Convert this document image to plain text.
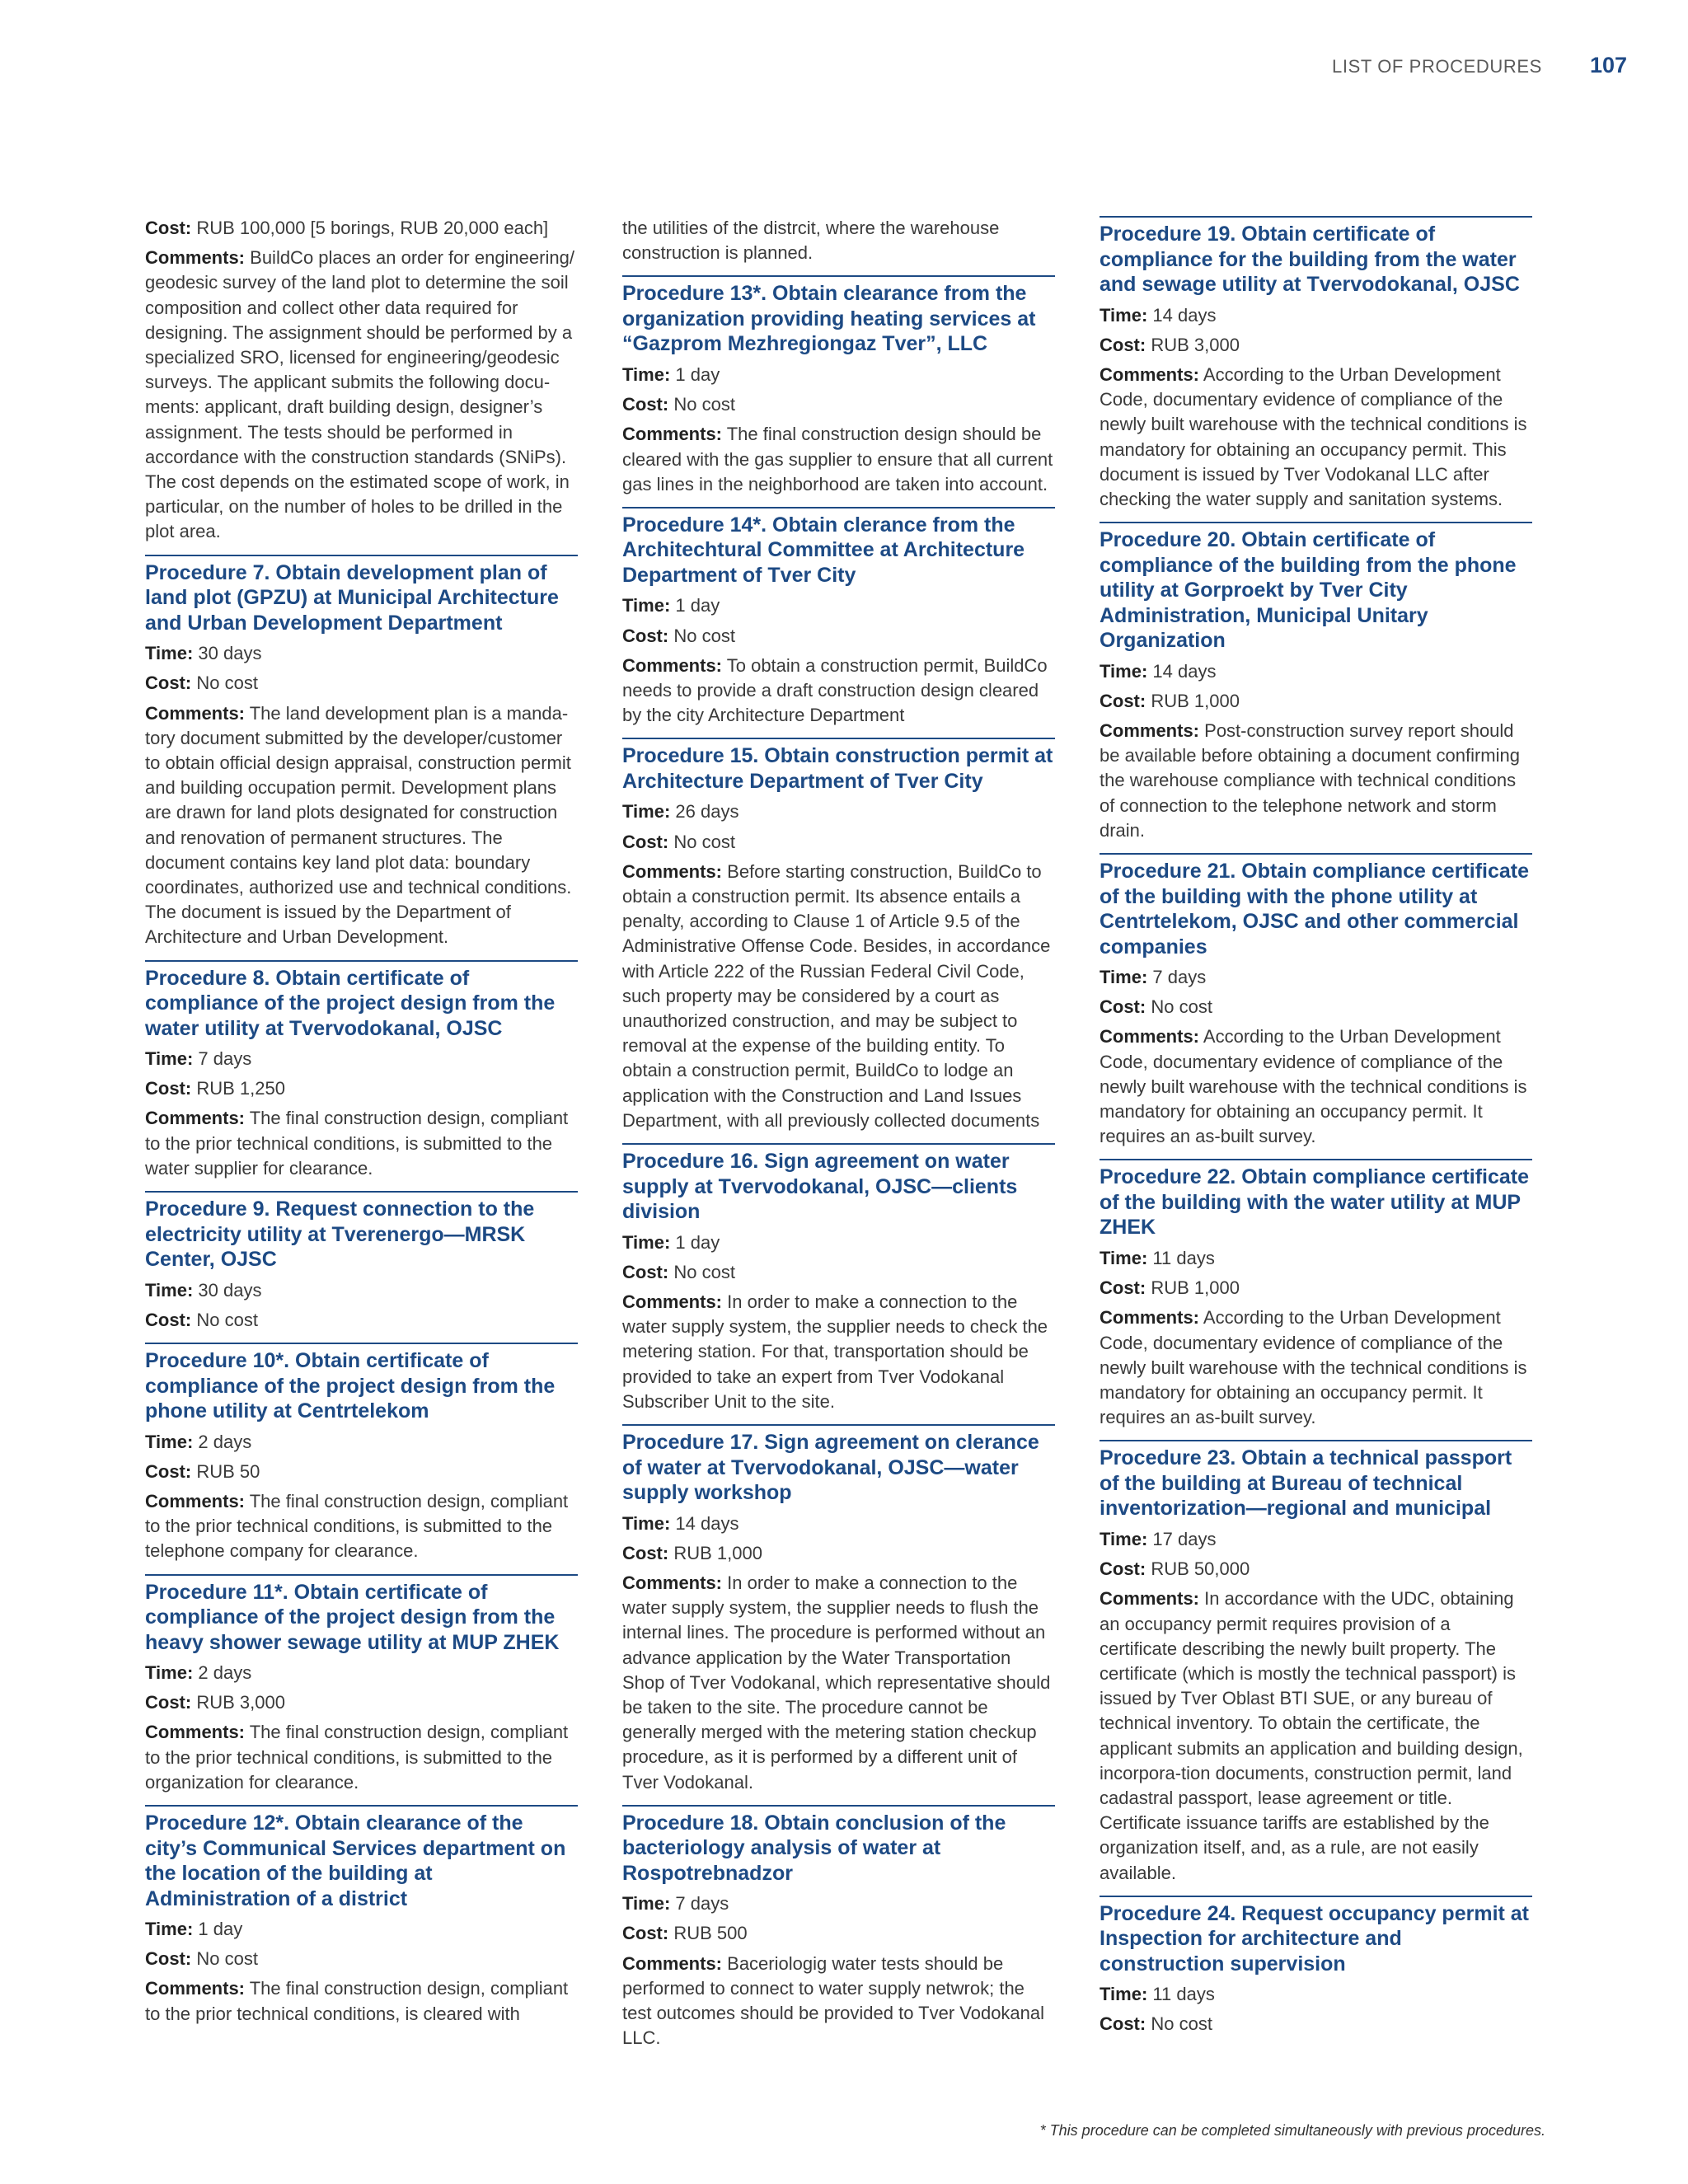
LIST OF PROCEDURES 107

Cost: RUB 100,000 [5 borings, RUB 20,000 each]

Comments: BuildCo places an order for engineering/ geodesic survey of the land plot to determine the soil composition and collect other data required for designing. The assignment should be performed by a specialized SRO, licensed for engineering/geodesic surveys. The applicant submits the following docu-ments: applicant, draft building design, designer’s assignment. The tests should be performed in accordance with the construction standards (SNiPs). The cost depends on the estimated scope of work, in particular, on the number of holes to be drilled in the plot area.

Procedure 7. Obtain development plan of land plot (GPZU) at Municipal Architecture and Urban Development Department

Time: 30 days

Cost: No cost

Comments: The land development plan is a manda-tory document submitted by the developer/customer to obtain official design appraisal, construction permit and building occupation permit. Development plans are drawn for land plots designated for construction and renovation of permanent structures. The document contains key land plot data: boundary coordinates, authorized use and technical conditions. The document is issued by the Department of Architecture and Urban Development.

Procedure 8. Obtain certificate of compliance of the project design from the water utility at Tvervodokanal, OJSC

Time: 7 days

Cost: RUB 1,250

Comments: The final construction design, compliant to the prior technical conditions, is submitted to the water supplier for clearance.

Procedure 9. Request connection to the electricity utility at Tverenergo—MRSK Center, OJSC

Time: 30 days

Cost: No cost

Procedure 10*. Obtain certificate of compliance of the project design from the phone utility at Centrtelekom

Time: 2 days

Cost: RUB 50

Comments: The final construction design, compliant to the prior technical conditions, is submitted to the telephone company for clearance.

Procedure 11*. Obtain certificate of compliance of the project design from the heavy shower sewage utility at MUP ZHEK

Time: 2 days

Cost: RUB 3,000

Comments: The final construction design, compliant to the prior technical conditions, is submitted to the organization for clearance.

Procedure 12*. Obtain clearance of the city’s Communical Services department on the location of the building at Administration of a district

Time: 1 day

Cost: No cost

Comments: The final construction design, compliant to the prior technical conditions, is cleared with

the utilities of the distrcit, where the warehouse construction is planned.

Procedure 13*. Obtain clearance from the organization providing heating services at “Gazprom Mezhregiongaz Tver”, LLC

Time: 1 day

Cost: No cost

Comments: The final construction design should be cleared with the gas supplier to ensure that all current gas lines in the neighborhood are taken into account.

Procedure 14*. Obtain clerance from the Architechtural Committee at Architecture Department of Tver City

Time: 1 day

Cost: No cost

Comments: To obtain a construction permit, BuildCo needs to provide a draft construction design cleared by the city Architecture Department

Procedure 15. Obtain construction permit at Architecture Department of Tver City

Time: 26 days

Cost: No cost

Comments: Before starting construction, BuildCo to obtain a construction permit. Its absence entails a penalty, according to Clause 1 of Article 9.5 of the Administrative Offense Code. Besides, in accordance with Article 222 of the Russian Federal Civil Code, such property may be considered by a court as unauthorized construction, and may be subject to removal at the expense of the building entity. To obtain a construction permit, BuildCo to lodge an application with the Construction and Land Issues Department, with all previously collected documents

Procedure 16. Sign agreement on water supply at Tvervodokanal, OJSC—clients division

Time: 1 day

Cost: No cost

Comments: In order to make a connection to the water supply system, the supplier needs to check the metering station. For that, transportation should be provided to take an expert from Tver Vodokanal Subscriber Unit to the site.

Procedure 17. Sign agreement on clerance of water at Tvervodokanal, OJSC—water supply workshop

Time: 14 days

Cost: RUB 1,000

Comments: In order to make a connection to the water supply system, the supplier needs to flush the internal lines. The procedure is performed without an advance application by the Water Transportation Shop of Tver Vodokanal, which representative should be taken to the site. The procedure cannot be generally merged with the metering station checkup procedure, as it is performed by a different unit of Tver Vodokanal.

Procedure 18. Obtain conclusion of the bacteriology analysis of water at Rospotrebnadzor

Time: 7 days

Cost: RUB 500

Comments: Baceriologig water tests should be performed to connect to water supply netwrok; the test outcomes should be provided to Tver Vodokanal LLC.

Procedure 19. Obtain certificate of compliance for the building from the water and sewage utility at Tvervodokanal, OJSC

Time: 14 days

Cost: RUB 3,000

Comments: According to the Urban Development Code, documentary evidence of compliance of the newly built warehouse with the technical conditions is mandatory for obtaining an occupancy permit. This document is issued by Tver Vodokanal LLC after checking the water supply and sanitation systems.

Procedure 20. Obtain certificate of compliance of the building from the phone utility at Gorproekt by Tver City Administration, Municipal Unitary Organization

Time: 14 days

Cost: RUB 1,000

Comments: Post-construction survey report should be available before obtaining a document confirming the warehouse compliance with technical conditions of connection to the telephone network and storm drain.

Procedure 21. Obtain compliance certificate of the building with the phone utility at Centrtelekom, OJSC and other commercial companies

Time: 7 days

Cost: No cost

Comments: According to the Urban Development Code, documentary evidence of compliance of the newly built warehouse with the technical conditions is mandatory for obtaining an occupancy permit. It requires an as-built survey.

Procedure 22. Obtain compliance certificate of the building with the water utility at MUP ZHEK

Time: 11 days

Cost: RUB 1,000

Comments: According to the Urban Development Code, documentary evidence of compliance of the newly built warehouse with the technical conditions is mandatory for obtaining an occupancy permit. It requires an as-built survey.

Procedure 23. Obtain a technical passport of the building at Bureau of technical inventorization—regional and municipal

Time: 17 days

Cost: RUB 50,000

Comments: In accordance with the UDC, obtaining an occupancy permit requires provision of a certificate describing the newly built property. The certificate (which is mostly the technical passport) is issued by Tver Oblast BTI SUE, or any bureau of technical inventory. To obtain the certificate, the applicant submits an application and building design, incorpora-tion documents, construction permit, land cadastral passport, lease agreement or title. Certificate issuance tariffs are established by the organization itself, and, as a rule, are not easily available.

Procedure 24. Request occupancy permit at Inspection for architecture and construction supervision

Time: 11 days

Cost: No cost

* This procedure can be completed simultaneously with previous procedures.
